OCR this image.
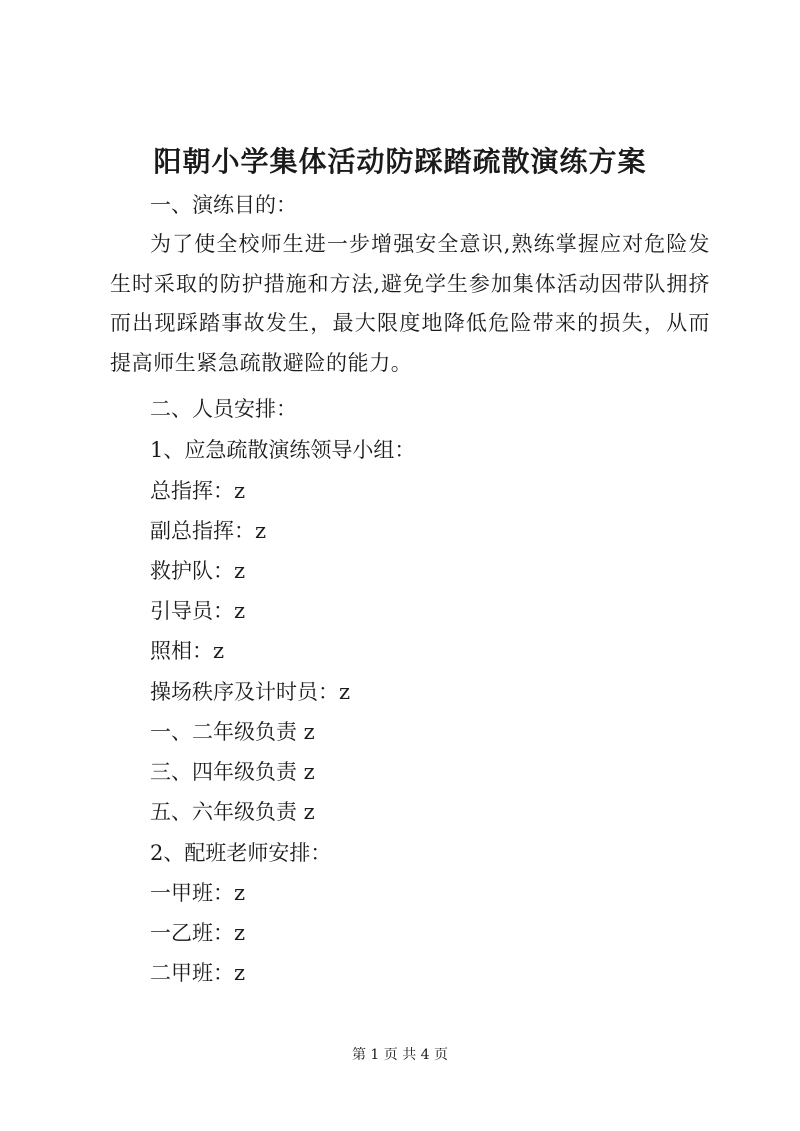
阳朝小学集体活动防踩踏疏散演练方案

一、演练目的：

为了使全校师生进一步增强安全意识,熟练掌握应对危险发生时采取的防护措施和方法,避免学生参加集体活动因带队拥挤而出现踩踏事故发生，最大限度地降低危险带来的损失，从而提高师生紧急疏散避险的能力。

二、人员安排：

1、应急疏散演练领导小组：

总指挥：z

副总指挥：z

救护队：z

引导员：z

照相：z

操场秩序及计时员：z

一、二年级负责 z

三、四年级负责 z

五、六年级负责 z

2、配班老师安排：

一甲班：z

一乙班：z

二甲班：z

第 1 页 共 4 页
